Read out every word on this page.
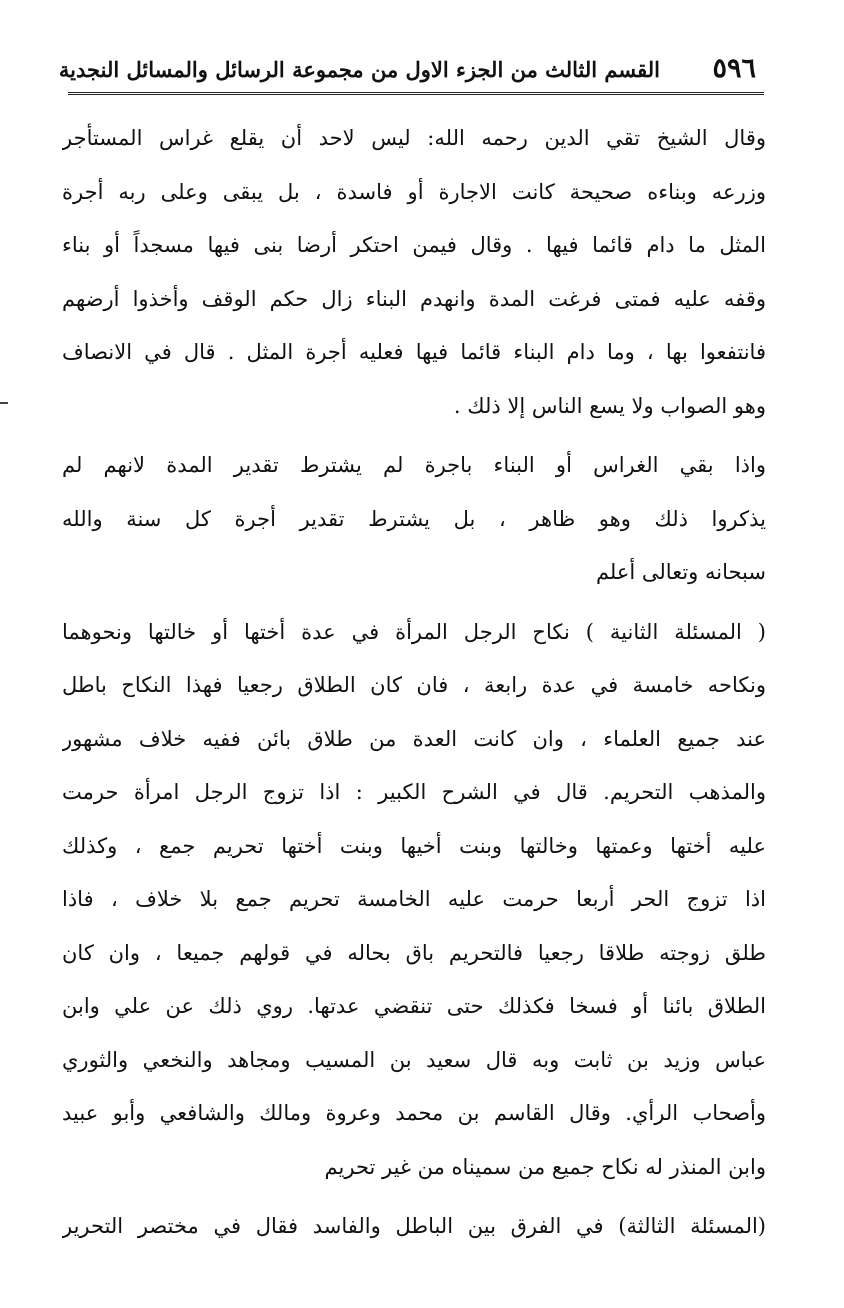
٥٩٦
القسم الثالث من الجزء الاول من مجموعة الرسائل والمسائل النجدية

وقال الشيخ تقي الدين رحمه الله: ليس لاحد أن يقلع غراس المستأجر
وزرعه وبناءه صحيحة كانت الاجارة أو فاسدة ، بل يبقى وعلى ربه أجرة
المثل ما دام قائما فيها . وقال فيمن احتكر أرضا بنى فيها مسجداً أو بناء
وقفه عليه فمتى فرغت المدة وانهدم البناء زال حكم الوقف وأخذوا أرضهم
فانتفعوا بها ، وما دام البناء قائما فيها فعليه أجرة المثل . قال في الانصاف
وهو الصواب ولا يسع الناس إلا ذلك .

واذا بقي الغراس أو البناء باجرة لم يشترط تقدير المدة لانهم لم
يذكروا ذلك وهو ظاهر ، بل يشترط تقدير أجرة كل سنة والله
سبحانه وتعالى أعلم

( المسئلة الثانية ) نكاح الرجل المرأة في عدة أختها أو خالتها ونحوهما
ونكاحه خامسة في عدة رابعة ، فان كان الطلاق رجعيا فهذا النكاح باطل
عند جميع العلماء ، وان كانت العدة من طلاق بائن ففيه خلاف مشهور
والمذهب التحريم. قال في الشرح الكبير : اذا تزوج الرجل امرأة حرمت
عليه أختها وعمتها وخالتها وبنت أخيها وبنت أختها تحريم جمع ، وكذلك
اذا تزوج الحر أربعا حرمت عليه الخامسة تحريم جمع بلا خلاف ، فاذا
طلق زوجته طلاقا رجعيا فالتحريم باق بحاله في قولهم جميعا ، وان كان
الطلاق بائنا أو فسخا فكذلك حتى تنقضي عدتها. روي ذلك عن علي وابن
عباس وزيد بن ثابت وبه قال سعيد بن المسيب ومجاهد والنخعي والثوري
وأصحاب الرأي. وقال القاسم بن محمد وعروة ومالك والشافعي وأبو عبيد
وابن المنذر له نكاح جميع من سميناه من غير تحريم

(المسئلة الثالثة) في الفرق بين الباطل والفاسد فقال في مختصر التحرير
